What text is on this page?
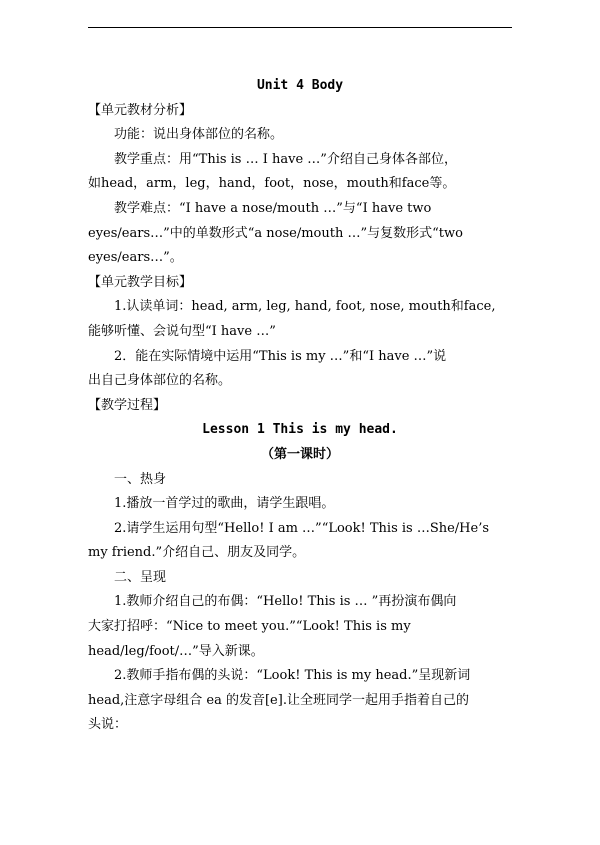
Unit 4 Body

【单元教材分析】

功能：说出身体部位的名称。

教学重点：用“This is … I have …”介绍自己身体各部位，

如head，arm，leg，hand，foot，nose，mouth和face等。

教学难点：“I have a nose/mouth …”与“I have two

eyes/ears…”中的单数形式“a nose/mouth …”与复数形式“two

eyes/ears…”。

【单元教学目标】

1.认读单词：head, arm, leg, hand, foot, nose, mouth和face,

能够听懂、会说句型“I have …”

2．能在实际情境中运用“This is my …”和“I have …”说

出自己身体部位的名称。

【教学过程】

Lesson 1 This is my head.

（第一课时）

一、热身

1.播放一首学过的歌曲，请学生跟唱。

2.请学生运用句型“Hello! I am …”“Look! This is …She/He’s

my friend.”介绍自己、朋友及同学。

二、呈现

1.教师介绍自己的布偶：“Hello! This is … ”再扮演布偶向

大家打招呼：“Nice to meet you.”“Look! This is my

head/leg/foot/…”导入新课。

2.教师手指布偶的头说：“Look! This is my head.”呈现新词

head,注意字母组合 ea 的发音[e].让全班同学一起用手指着自己的

头说：
